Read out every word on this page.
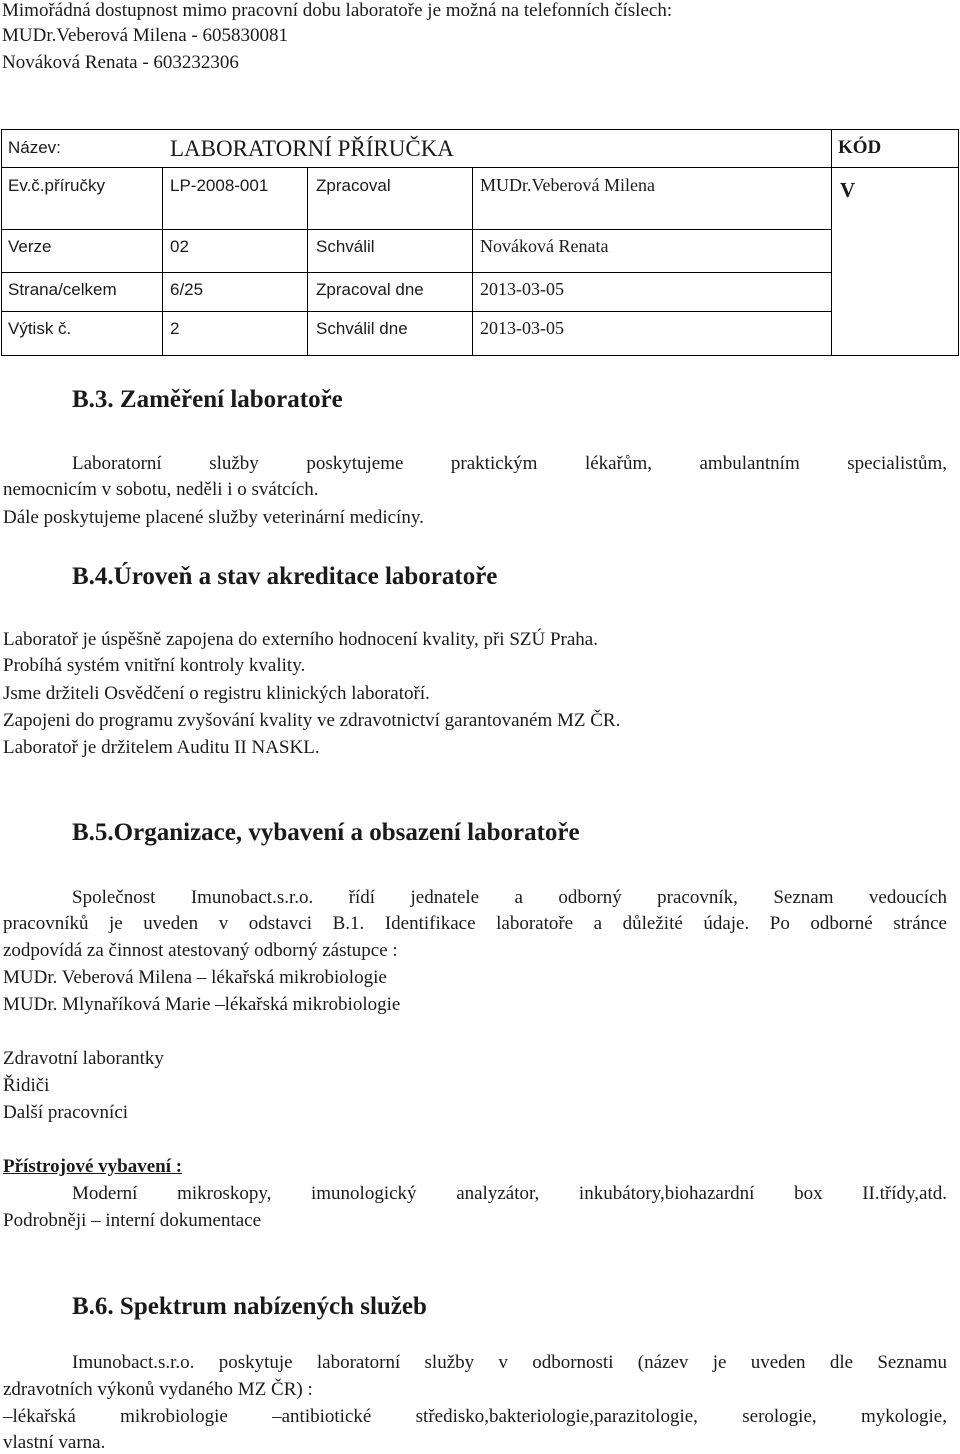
Mimořádná dostupnost mimo pracovní dobu laboratoře je možná na telefonních číslech:
MUDr.Veberová Milena - 605830081
Nováková Renata - 603232306
Název:	LABORATORNÍ PŘÍRUČKA	KÓD
V
Ev.č.příručky	LP-2008-001	Zpracoval	MUDr.Veberová Milena
Verze	02	Schválil	Nováková Renata
Strana/celkem	6/25	Zpracoval dne	2013-03-05
Výtisk č.	2	Schválil dne	2013-03-05
B.3. Zaměření laboratoře
Laboratorní služby poskytujeme praktickým lékařům, ambulantním specialistům,
nemocnicím v sobotu, neděli i o svátcích.
Dále poskytujeme placené služby veterinární medicíny.
B.4.Úroveň a stav akreditace laboratoře
Laboratoř je úspěšně zapojena do externího hodnocení kvality, při SZÚ Praha.
Probíhá systém vnitřní kontroly kvality.
Jsme držiteli Osvědčení o registru klinických laboratoří.
Zapojeni do programu zvyšování kvality ve zdravotnictví garantovaném MZ ČR.
Laboratoř je držitelem Auditu II NASKL.
B.5.Organizace, vybavení a obsazení laboratoře
Společnost Imunobact.s.r.o. řídí jednatele a odborný pracovník, Seznam vedoucích
pracovníků je uveden v odstavci B.1. Identifikace laboratoře a důležité údaje. Po odborné stránce
zodpovídá za činnost atestovaný odborný zástupce :
MUDr. Veberová Milena – lékařská mikrobiologie
MUDr. Mlynaříková Marie –lékařská mikrobiologie
Zdravotní laborantky
Řidiči
Další pracovníci
Přístrojové vybavení :
Moderní mikroskopy, imunologický analyzátor, inkubátory,biohazardní box II.třídy,atd.
Podrobněji – interní dokumentace
B.6. Spektrum nabízených služeb
Imunobact.s.r.o. poskytuje laboratorní služby v odbornosti (název je uveden dle Seznamu
zdravotních výkonů vydaného MZ ČR) :
–lékařská mikrobiologie –antibiotické středisko,bakteriologie,parazitologie, serologie, mykologie,
vlastní varna.
